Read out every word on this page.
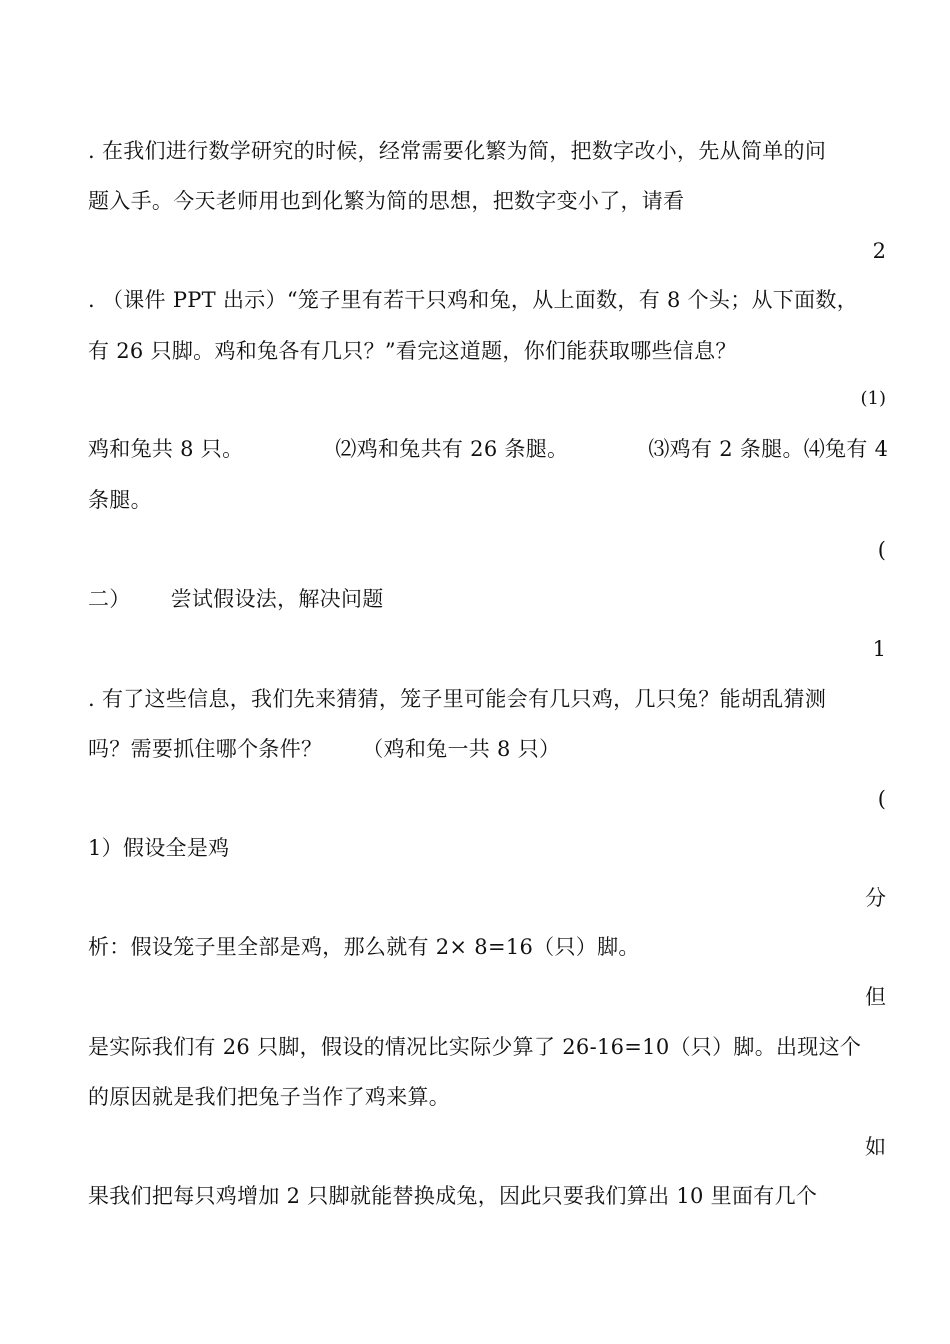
. 在我们进行数学研究的时候，经常需要化繁为简，把数字改小，先从简单的问
题入手。今天老师用也到化繁为简的思想，把数字变小了，请看
2
. （课件 PPT 出示）“笼子里有若干只鸡和兔，从上面数，有 8 个头；从下面数，
有 26 只脚。鸡和兔各有几只？”看完这道题，你们能获取哪些信息？
(1)
鸡和兔共 8 只。	⑵鸡和兔共有 26 条腿。	⑶鸡有 2 条腿。⑷兔有 4
条腿。
(
二） 尝试假设法，解决问题
1
. 有了这些信息，我们先来猜猜，笼子里可能会有几只鸡，几只兔？能胡乱猜测
吗？需要抓住哪个条件？ （鸡和兔一共 8 只）
(
1）假设全是鸡
分
析：假设笼子里全部是鸡，那么就有 2× 8=16（只）脚。
但
是实际我们有 26 只脚，假设的情况比实际少算了 26-16=10（只）脚。出现这个
的原因就是我们把兔子当作了鸡来算。
如
果我们把每只鸡增加 2 只脚就能替换成兔，因此只要我们算出 10 里面有几个
